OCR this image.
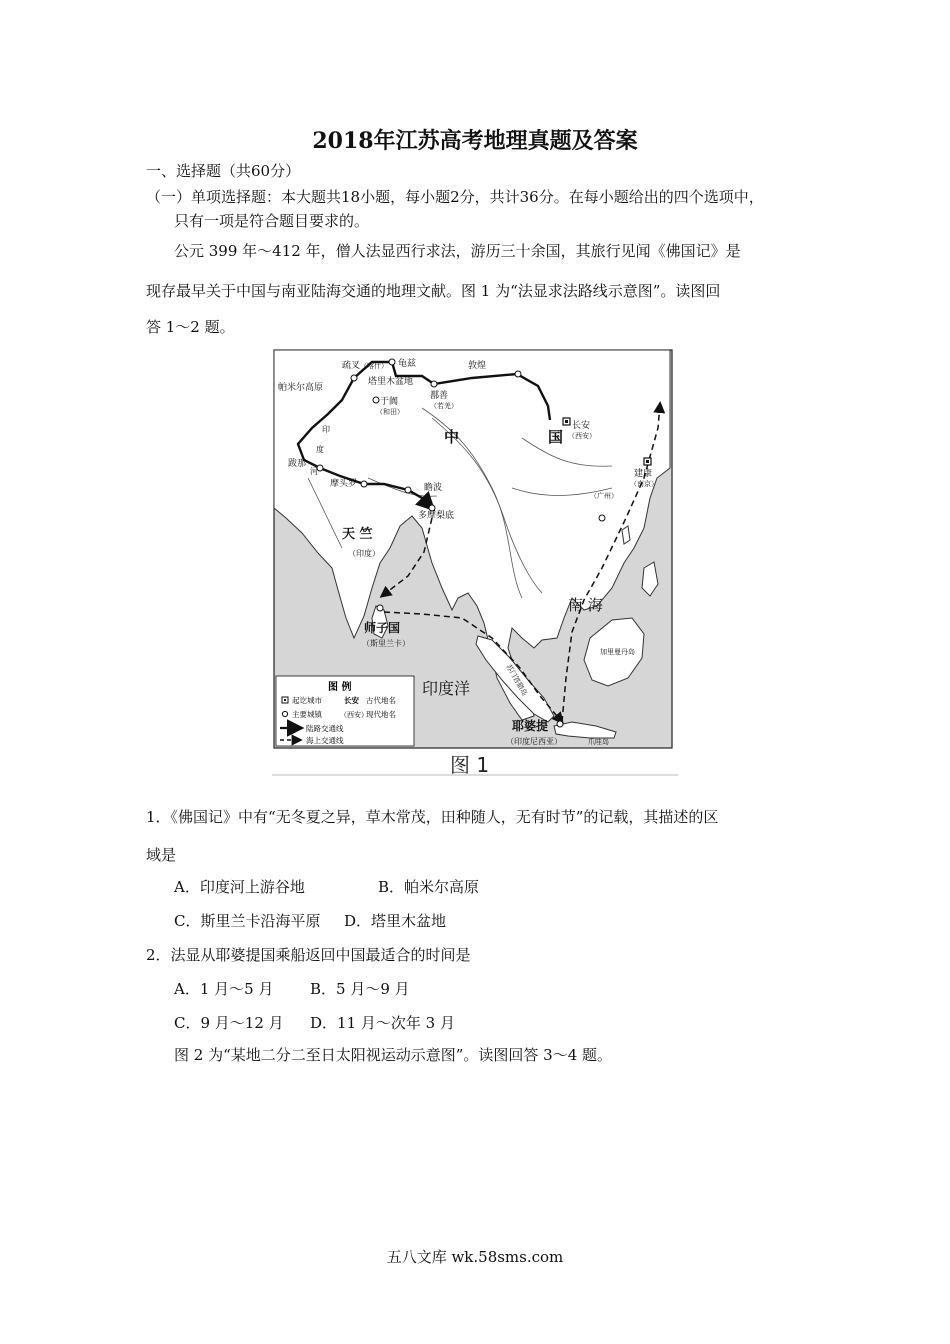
2018年江苏高考地理真题及答案
一、选择题（共60分）
（一）单项选择题：本大题共18小题，每小题2分，共计36分。在每小题给出的四个选项中，
只有一项是符合题目要求的。
公元 399 年～412 年，僧人法显西行求法，游历三十余国，其旅行见闻《佛国记》是
现存最早关于中国与南亚陆海交通的地理文献。图 1 为“法显求法路线示意图”。读图回
答 1～2 题。
帕米尔高原
疏叉 （喀什） 龟兹
塔里木盆地
于阗
（和田）
敦煌
鄯善
（若羌）
长安
（西安）
建康
（南京）
（广州）
中	国
印
度
河
跋那
摩头罗	瞻波
多摩梨底
天 竺
（印度）
师子国
（斯里兰卡）
南 海
印度洋
耶婆提
（印度尼西亚）	爪哇岛
加里曼丹岛
苏门答腊岛
图 例
起讫城市	长安 古代地名
主要城镇	（西安）
现代地名
陆路交通线
海上交通线
图 1
1．《佛国记》中有“无冬夏之异，草木常茂，田种随人，无有时节”的记载，其描述的区
域是
A．印度河上游谷地	B．帕米尔高原
C．斯里兰卡沿海平原 D．塔里木盆地
2．法显从耶婆提国乘船返回中国最适合的时间是
A．1 月～5 月 B．5 月～9 月
C．9 月～12 月 D．11 月～次年 3 月
图 2 为“某地二分二至日太阳视运动示意图”。读图回答 3～4 题。
五八文库 wk.58sms.com
